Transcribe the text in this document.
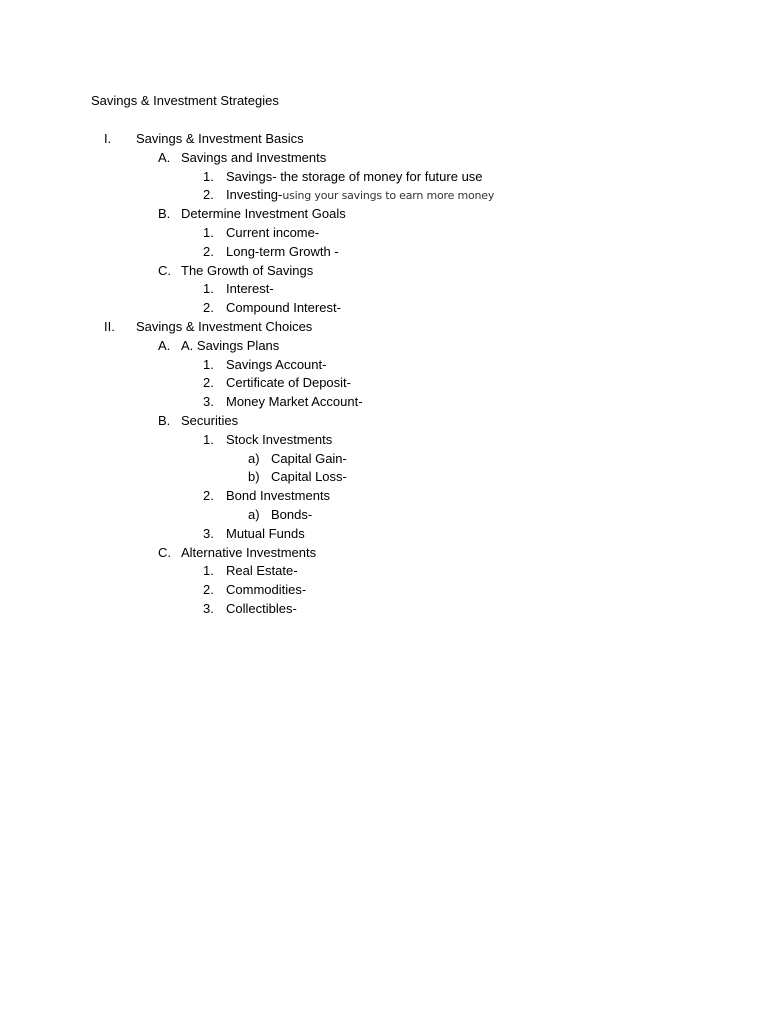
Savings & Investment Strategies
I. Savings & Investment Basics
A. Savings and Investments
1. Savings- the storage of money for future use
2. Investing-using your savings to earn more money
B. Determine Investment Goals
1. Current income-
2. Long-term Growth -
C. The Growth of Savings
1. Interest-
2. Compound Interest-
II. Savings & Investment Choices
A. A. Savings Plans
1. Savings Account-
2. Certificate of Deposit-
3. Money Market Account-
B. Securities
1. Stock Investments
a) Capital Gain-
b) Capital Loss-
2. Bond Investments
a) Bonds-
3. Mutual Funds
C. Alternative Investments
1. Real Estate-
2. Commodities-
3. Collectibles-
